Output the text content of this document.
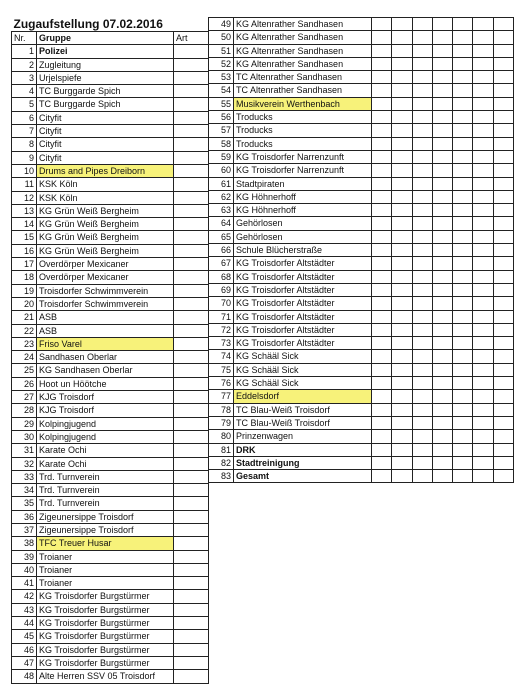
Zugaufstellung 07.02.2016		
Nr.	Gruppe	Art
1	Polizei	
2	Zugleitung	
3	Urjelspiefe	
4	TC Burggarde Spich	
5	TC Burggarde Spich	
6	Cityfit	
7	Cityfit	
8	Cityfit	
9	Cityfit	
10	Drums and Pipes Dreiborn	
11	KSK Köln	
12	KSK Köln	
13	KG Grün Weiß Bergheim	
14	KG Grün Weiß Bergheim	
15	KG Grün Weiß Bergheim	
16	KG Grün Weiß Bergheim	
17	Overdörper Mexicaner	
18	Overdörper Mexicaner	
19	Troisdorfer Schwimmverein	
20	Troisdorfer Schwimmverein	
21	ASB	
22	ASB	
23	Friso Varel	
24	Sandhasen Oberlar	
25	KG Sandhasen Oberlar	
26	Hoot un Höötche	
27	KJG Troisdorf	
28	KJG Troisdorf	
29	Kolpingjugend	
30	Kolpingjugend	
31	Karate Ochi	
32	Karate Ochi	
33	Trd. Turnverein	
34	Trd. Turnverein	
35	Trd. Turnverein	
36	Zigeunersippe Troisdorf	
37	Zigeunersippe Troisdorf	
38	TFC Treuer Husar	
39	Troianer	
40	Troianer	
41	Troianer	
42	KG Troisdorfer Burgstürmer	
43	KG Troisdorfer Burgstürmer	
44	KG Troisdorfer Burgstürmer	
45	KG Troisdorfer Burgstürmer	
46	KG Troisdorfer Burgstürmer	
47	KG Troisdorfer Burgstürmer	
48	Alte Herren SSV 05 Troisdorf	
49	KG Altenrather Sandhasen							
50	KG Altenrather Sandhasen							
51	KG Altenrather Sandhasen							
52	KG Altenrather Sandhasen							
53	TC Altenrather Sandhasen							
54	TC Altenrather Sandhasen							
55	Musikverein Werthenbach							
56	Troducks							
57	Troducks							
58	Troducks							
59	KG Troisdorfer Narrenzunft							
60	KG Troisdorfer Narrenzunft							
61	Stadtpiraten							
62	KG Höhnerhoff							
63	KG Höhnerhoff							
64	Gehörlosen							
65	Gehörlosen							
66	Schule Blücherstraße							
67	KG Troisdorfer Altstädter							
68	KG Troisdorfer Altstädter							
69	KG Troisdorfer Altstädter							
70	KG Troisdorfer Altstädter							
71	KG Troisdorfer Altstädter							
72	KG Troisdorfer Altstädter							
73	KG Troisdorfer Altstädter							
74	KG Schääl Sick							
75	KG Schääl Sick							
76	KG Schääl Sick							
77	Eddelsdorf							
78	TC Blau-Weiß Troisdorf							
79	TC Blau-Weiß Troisdorf							
80	Prinzenwagen							
81	DRK							
82	Stadtreinigung							
83	Gesamt							
